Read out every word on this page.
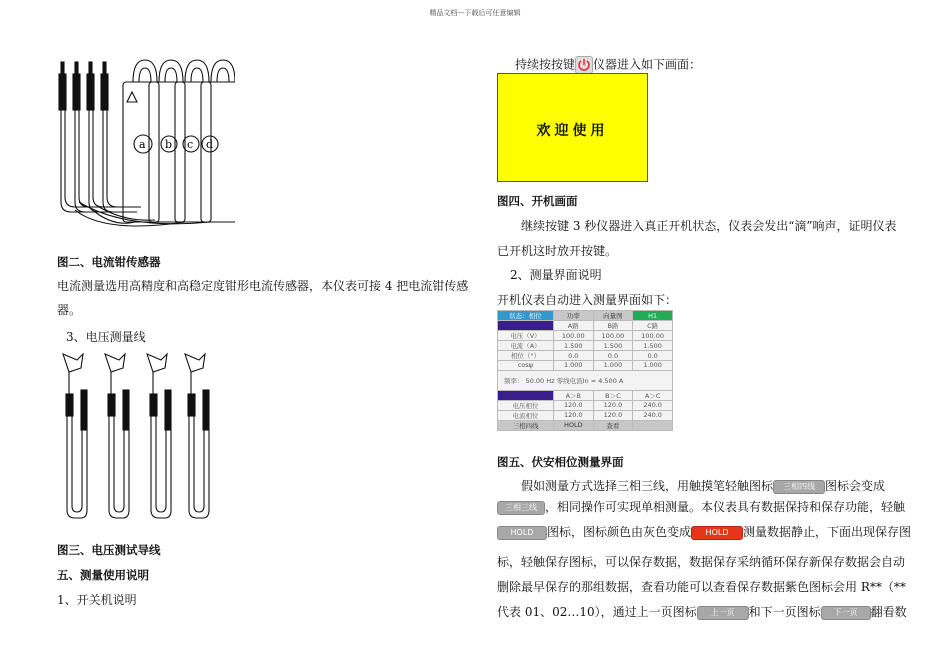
精品文档---下载后可任意编辑
a b c d
图二、电流钳传感器
电流测量选用高精度和高稳定度钳形电流传感器，本仪表可接 4 把电流钳传感
器。
3、电压测量线
图三、电压测试导线
五、测量使用说明
1、开关机说明
持续按按键 仪器进入如下画面：
欢迎使用
图四、开机画面
继续按键 3 秒仪器进入真正开机状态，仪表会发出“滴”响声，证明仪表
已开机这时放开按键。
2、测量界面说明
开机仪表自动进入测量界面如下：
状态：相位	功率	向量图	H1
	A路	B路	C路
电压（V）	100.00	100.00	100.00
电流（A）	1.500	1.500	1.500
相位（°）	0.0	0.0	0.0
cosψ	1.000	1.000	1.000
频率： 50.00 Hz 零线电流In = 4.500 A			
	A＞B	B＞C	A＞C
电压相位	120.0	120.0	240.0
电流相位	120.0	120.0	240.0
三相四线	HOLD	查看	
图五、伏安相位测量界面
假如测量方式选择三相三线，用触摸笔轻触图标 三相四线 图标会变成
三相三线 ，相同操作可实现单相测量。本仪表具有数据保持和保存功能，轻触
HOLD 图标，图标颜色由灰色变成 HOLD 测量数据静止，下面出现保存图
标，轻触保存图标，可以保存数据，数据保存采纳循环保存新保存数据会自动
删除最早保存的那组数据，查看功能可以查看保存数据紫色图标会用 R**（**
代表 01、02…10），通过上一页图标 上一页 和下一页图标 下一页 翻看数
